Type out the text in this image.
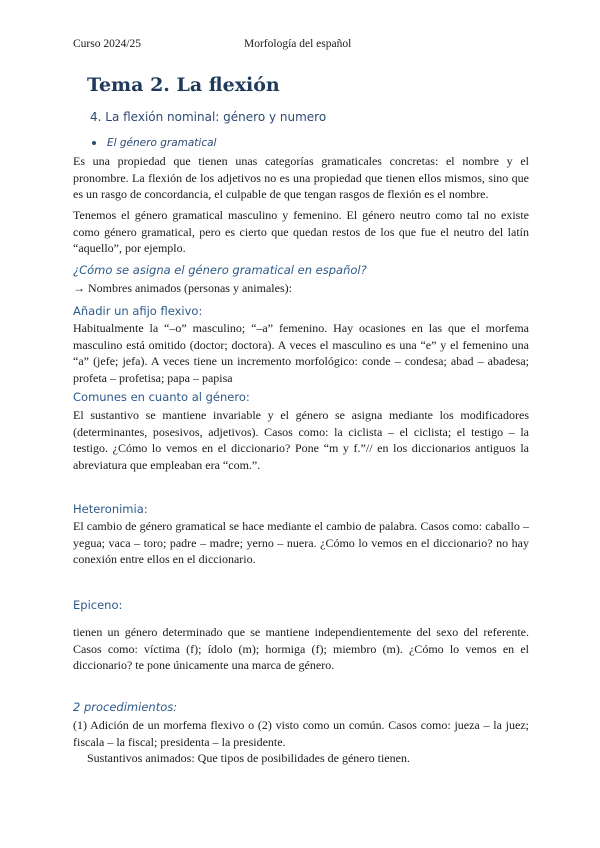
Curso 2024/25	Morfología del español
Tema 2. La flexión
4. La flexión nominal: género y numero
El género gramatical
Es una propiedad que tienen unas categorías gramaticales concretas: el nombre y el pronombre. La flexión de los adjetivos no es una propiedad que tienen ellos mismos, sino que es un rasgo de concordancia, el culpable de que tengan rasgos de flexión es el nombre.
Tenemos el género gramatical masculino y femenino. El género neutro como tal no existe como género gramatical, pero es cierto que quedan restos de los que fue el neutro del latín “aquello”, por ejemplo.
¿Cómo se asigna el género gramatical en español?
→ Nombres animados (personas y animales):
Añadir un afijo flexivo:
Habitualmente la “–o” masculino; “–a” femenino. Hay ocasiones en las que el morfema masculino está omitido (doctor; doctora). A veces el masculino es una “e” y el femenino una “a” (jefe; jefa). A veces tiene un incremento morfológico: conde – condesa; abad – abadesa; profeta – profetisa; papa – papisa
Comunes en cuanto al género:
El sustantivo se mantiene invariable y el género se asigna mediante los modificadores (determinantes, posesivos, adjetivos). Casos como: la ciclista – el ciclista; el testigo – la testigo. ¿Cómo lo vemos en el diccionario? Pone “m y f.”// en los diccionarios antiguos la abreviatura que empleaban era “com.”.
Heteronimia:
El cambio de género gramatical se hace mediante el cambio de palabra. Casos como: caballo – yegua; vaca – toro; padre – madre; yerno – nuera. ¿Cómo lo vemos en el diccionario? no hay conexión entre ellos en el diccionario.
Epiceno:
tienen un género determinado que se mantiene independientemente del sexo del referente. Casos como: víctima (f); ídolo (m); hormiga (f); miembro (m). ¿Cómo lo vemos en el diccionario? te pone únicamente una marca de género.
2 procedimientos:
(1) Adición de un morfema flexivo o (2) visto como un común. Casos como: jueza – la juez; fiscala – la fiscal; presidenta – la presidente.
Sustantivos animados: Que tipos de posibilidades de género tienen.
